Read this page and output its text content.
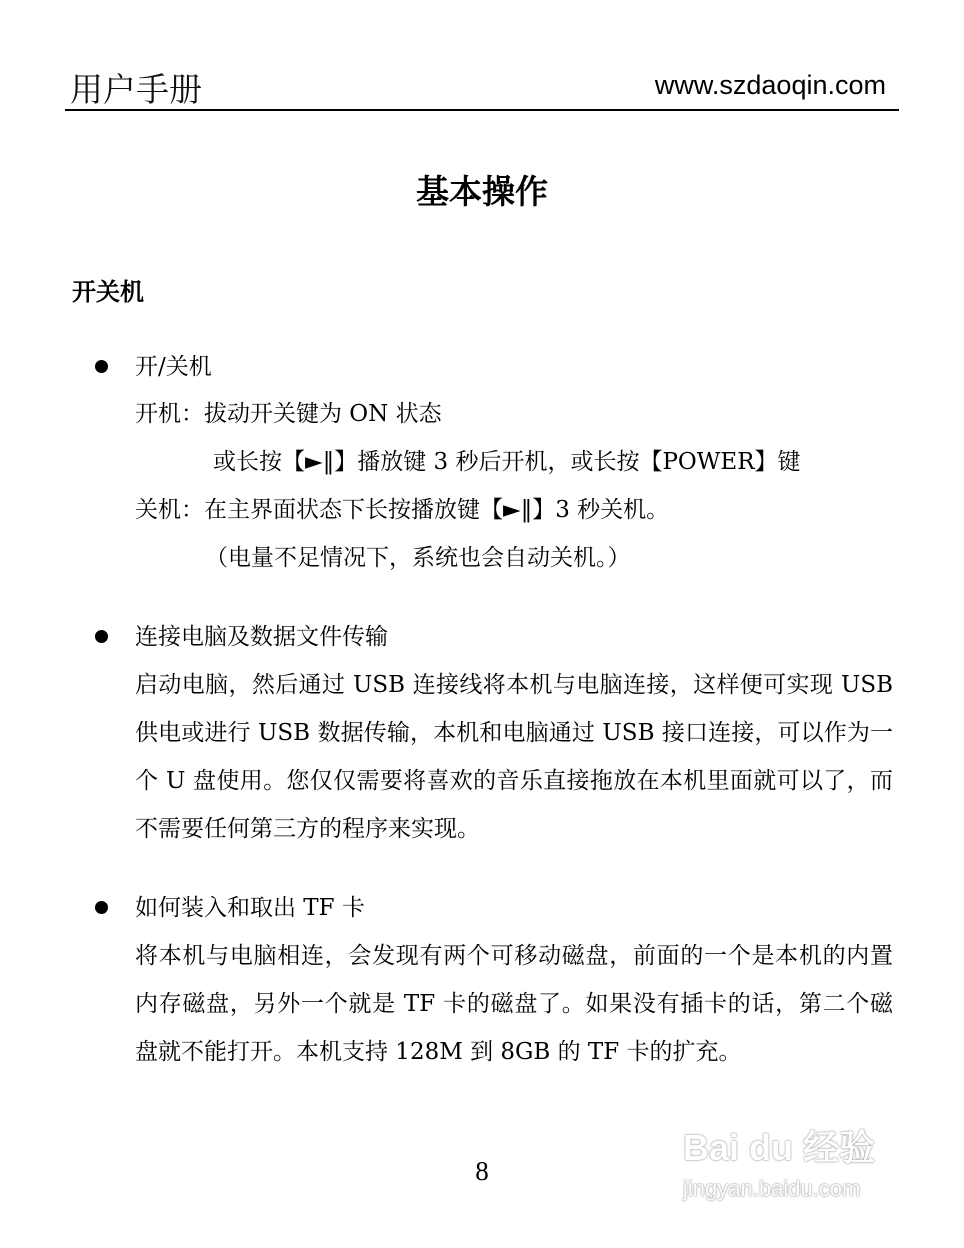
用户手册	www.szdaoqin.com
基本操作
开关机
开/关机
开机：拔动开关键为 ON 状态
或长按【►‖】播放键 3 秒后开机，或长按【POWER】键
关机：在主界面状态下长按播放键【►‖】3 秒关机。
（电量不足情况下，系统也会自动关机。）
连接电脑及数据文件传输
启动电脑，然后通过 USB 连接线将本机与电脑连接，这样便可实现 USB 供电或进行 USB 数据传输，本机和电脑通过 USB 接口连接，可以作为一个 U 盘使用。您仅仅需要将喜欢的音乐直接拖放在本机里面就可以了，而不需要任何第三方的程序来实现。
如何装入和取出 TF 卡
将本机与电脑相连，会发现有两个可移动磁盘，前面的一个是本机的内置内存磁盘，另外一个就是 TF 卡的磁盘了。如果没有插卡的话，第二个磁盘就不能打开。本机支持 128M 到 8GB 的 TF 卡的扩充。
8
Bai du 经验
jingyan.baidu.com
